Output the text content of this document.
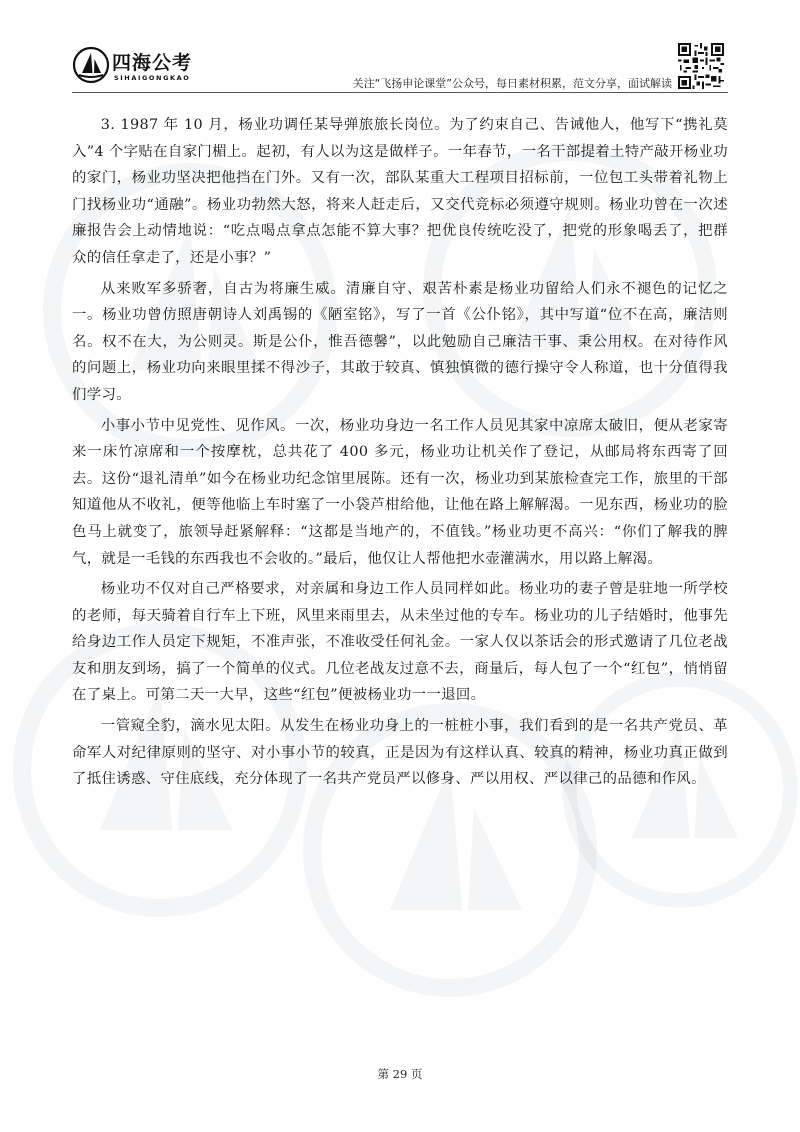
四海公考
SIHAIGONGKAO	关注“飞扬申论课堂”公众号，每日素材积累，范文分享，面试解读

3. 1987 年 10 月，杨业功调任某导弹旅旅长岗位。为了约束自己、告诫他人，他写下“携礼莫入”4 个字贴在自家门楣上。起初，有人以为这是做样子。一年春节，一名干部提着土特产敲开杨业功的家门，杨业功坚决把他挡在门外。又有一次，部队某重大工程项目招标前，一位包工头带着礼物上门找杨业功“通融”。杨业功勃然大怒，将来人赶走后，又交代竞标必须遵守规则。杨业功曾在一次述廉报告会上动情地说：“吃点喝点拿点怎能不算大事？把优良传统吃没了，把党的形象喝丢了，把群众的信任拿走了，还是小事？”

从来败军多骄奢，自古为将廉生威。清廉自守、艰苦朴素是杨业功留给人们永不褪色的记忆之一。杨业功曾仿照唐朝诗人刘禹锡的《陋室铭》，写了一首《公仆铭》，其中写道“位不在高，廉洁则名。权不在大，为公则灵。斯是公仆，惟吾德馨”，以此勉励自己廉洁干事、秉公用权。在对待作风的问题上，杨业功向来眼里揉不得沙子，其敢于较真、慎独慎微的德行操守令人称道，也十分值得我们学习。

小事小节中见党性、见作风。一次，杨业功身边一名工作人员见其家中凉席太破旧，便从老家寄来一床竹凉席和一个按摩枕，总共花了 400 多元，杨业功让机关作了登记，从邮局将东西寄了回去。这份“退礼清单”如今在杨业功纪念馆里展陈。还有一次，杨业功到某旅检查完工作，旅里的干部知道他从不收礼，便等他临上车时塞了一小袋芦柑给他，让他在路上解解渴。一见东西，杨业功的脸色马上就变了，旅领导赶紧解释：“这都是当地产的，不值钱。”杨业功更不高兴：“你们了解我的脾气，就是一毛钱的东西我也不会收的。”最后，他仅让人帮他把水壶灌满水，用以路上解渴。

杨业功不仅对自己严格要求，对亲属和身边工作人员同样如此。杨业功的妻子曾是驻地一所学校的老师，每天骑着自行车上下班，风里来雨里去，从未坐过他的专车。杨业功的儿子结婚时，他事先给身边工作人员定下规矩，不准声张，不准收受任何礼金。一家人仅以茶话会的形式邀请了几位老战友和朋友到场，搞了一个简单的仪式。几位老战友过意不去，商量后，每人包了一个“红包”，悄悄留在了桌上。可第二天一大早，这些“红包”便被杨业功一一退回。

一管窥全豹，滴水见太阳。从发生在杨业功身上的一桩桩小事，我们看到的是一名共产党员、革命军人对纪律原则的坚守、对小事小节的较真，正是因为有这样认真、较真的精神，杨业功真正做到了抵住诱惑、守住底线，充分体现了一名共产党员严以修身、严以用权、严以律己的品德和作风。

第 29 页
